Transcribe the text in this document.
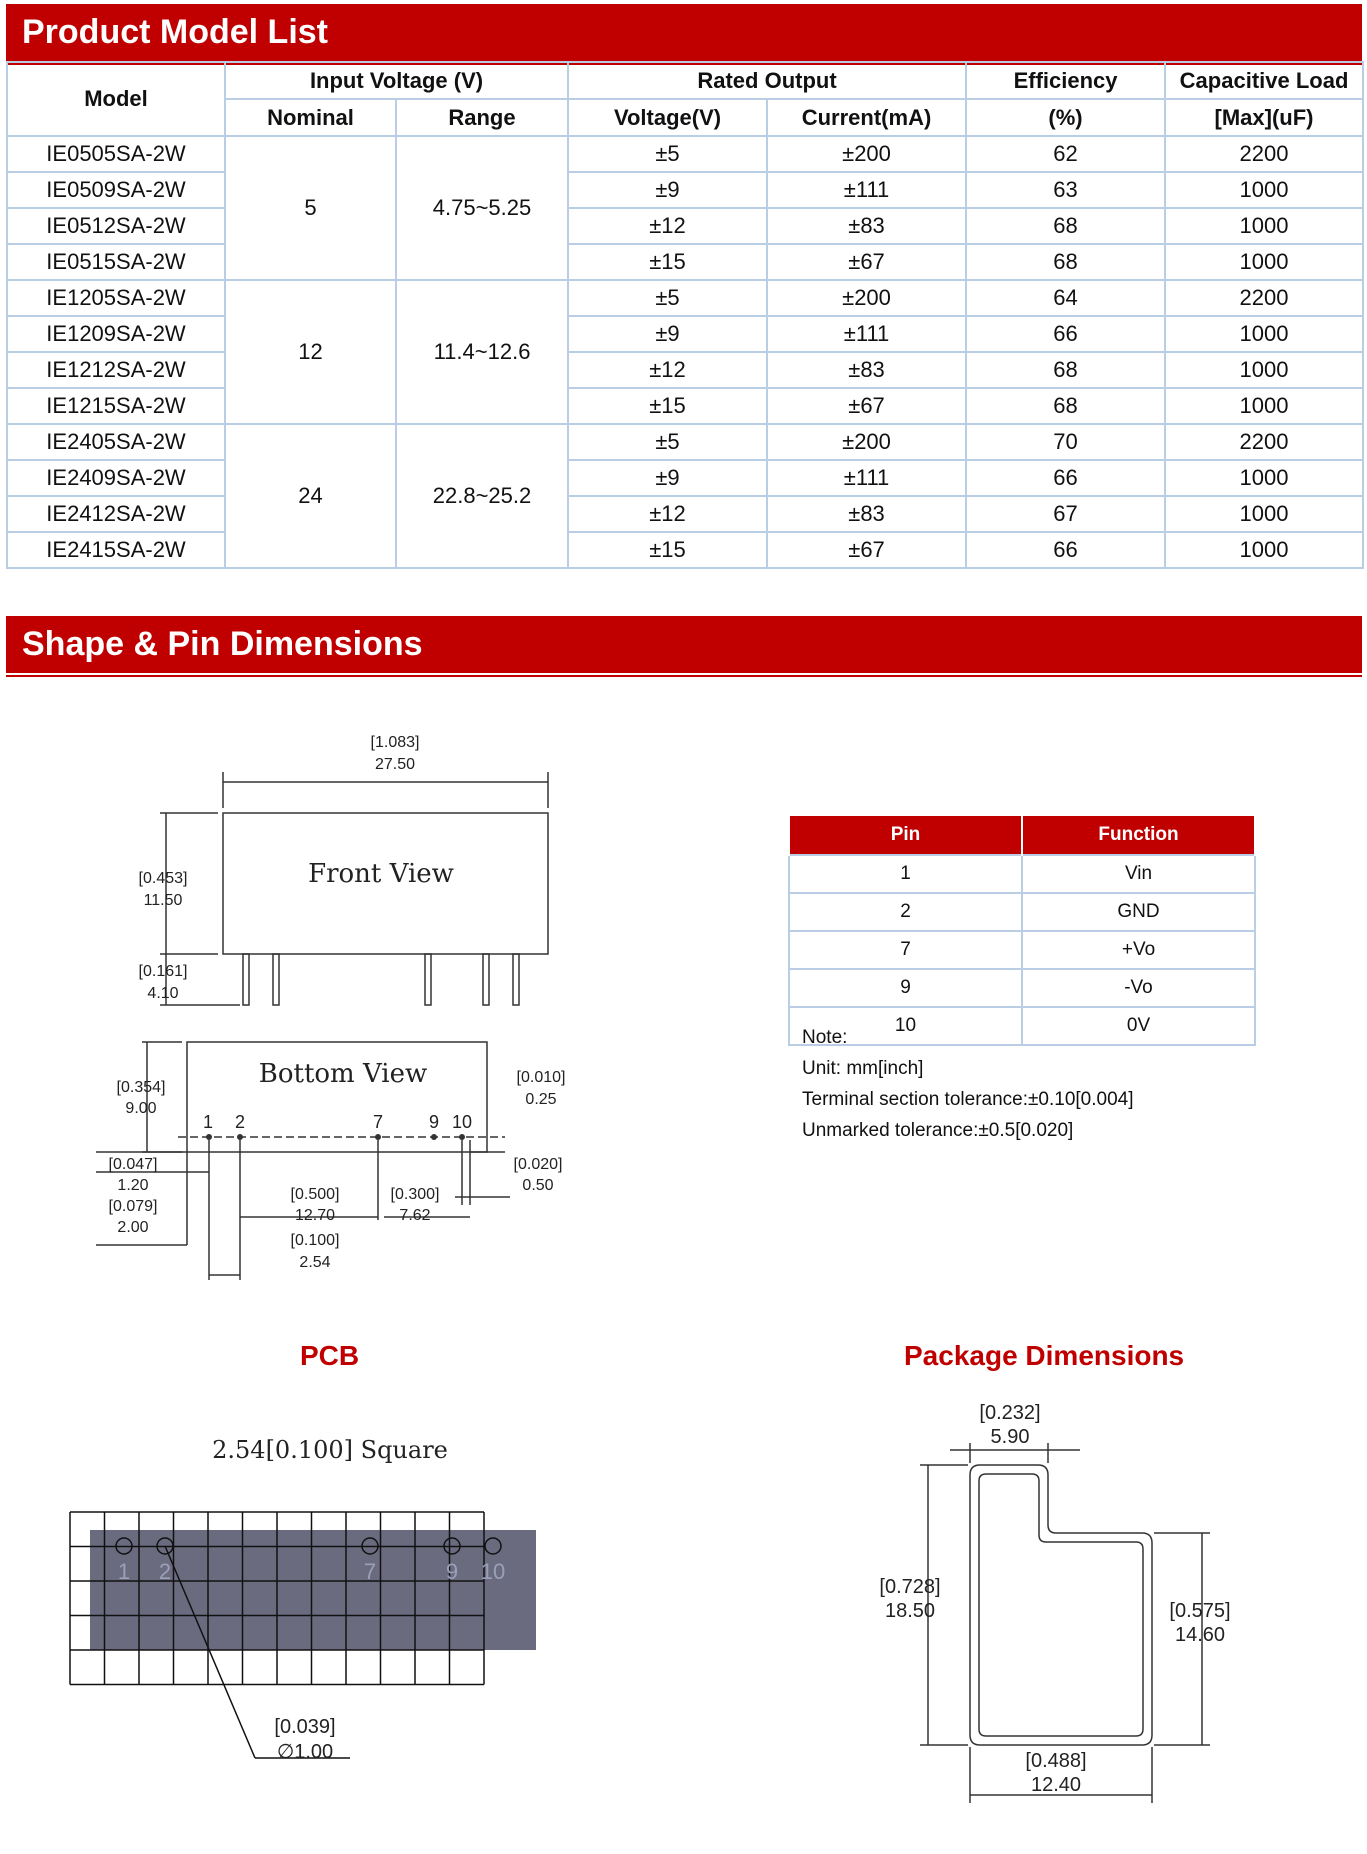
Product Model List
Model	Input Voltage (V)		Rated Output		Efficiency	Capacitive Load
	Nominal	Range	Voltage(V)	Current(mA)	(%)	[Max](uF)
IE0505SA-2W	5	4.75~5.25	±5	±200	62	2200
IE0509SA-2W			±9	±111	63	1000
IE0512SA-2W			±12	±83	68	1000
IE0515SA-2W			±15	±67	68	1000
IE1205SA-2W	12	11.4~12.6	±5	±200	64	2200
IE1209SA-2W			±9	±111	66	1000
IE1212SA-2W			±12	±83	68	1000
IE1215SA-2W			±15	±67	68	1000
IE2405SA-2W	24	22.8~25.2	±5	±200	70	2200
IE2409SA-2W			±9	±111	66	1000
IE2412SA-2W			±12	±83	67	1000
IE2415SA-2W			±15	±67	66	1000
Shape & Pin Dimensions
[1.083]
27.50
[0.453]
11.50
[0.161]
4.10
[0.354]
9.00
[0.010]
0.25
[0.047]
1.20
[0.079]
2.00
[0.020]
0.50
[0.500]
12.70
[0.300]
7.62
[0.100]
2.54
1 2	7	9 10
Front View
Bottom View
Pin	Function
1	Vin
2	GND
7	+Vo
9	-Vo
10	0V
Note:
Unit: mm[inch]
Terminal section tolerance:±0.10[0.004]
Unmarked tolerance:±0.5[0.020]
PCB
2.54[0.100] Square
1 2	7	9 10
[0.039]
∅1.00
Package Dimensions
[0.232]
5.90
[0.728]
18.50	[0.575]
14.60
[0.488]
12.40
